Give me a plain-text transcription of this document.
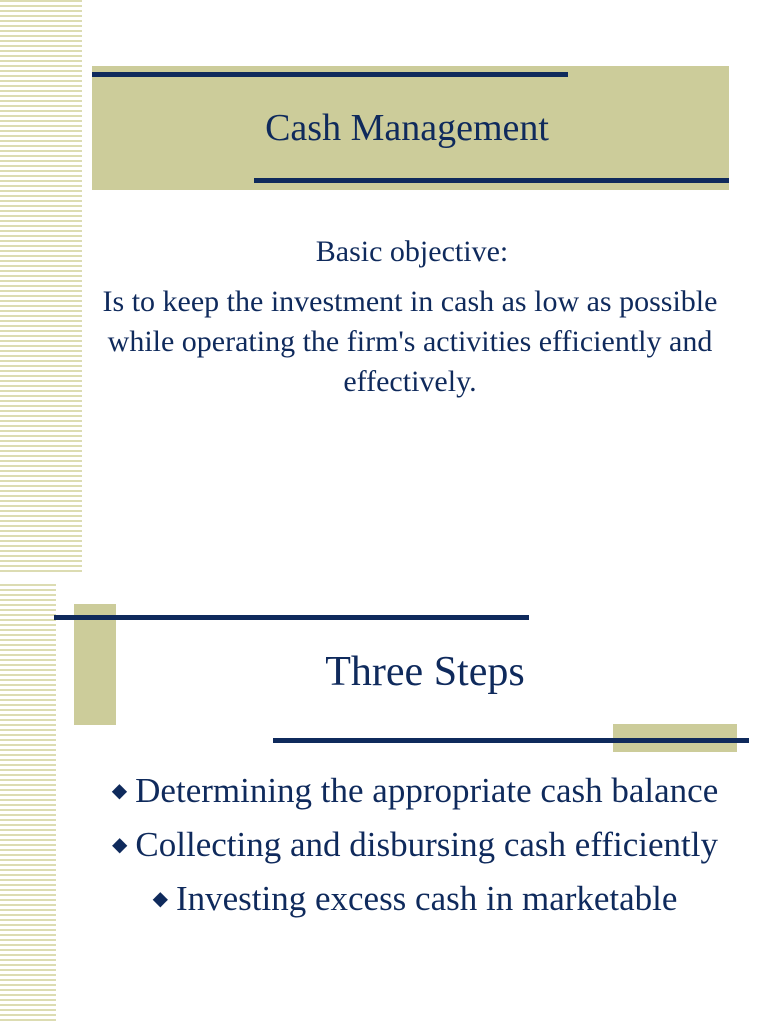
Cash Management
Basic objective:
Is to keep the investment in cash as low as possible while operating the firm's activities efficiently and effectively.
Three Steps
◆ Determining the appropriate cash balance
◆ Collecting and disbursing cash efficiently
◆ Investing excess cash in marketable
